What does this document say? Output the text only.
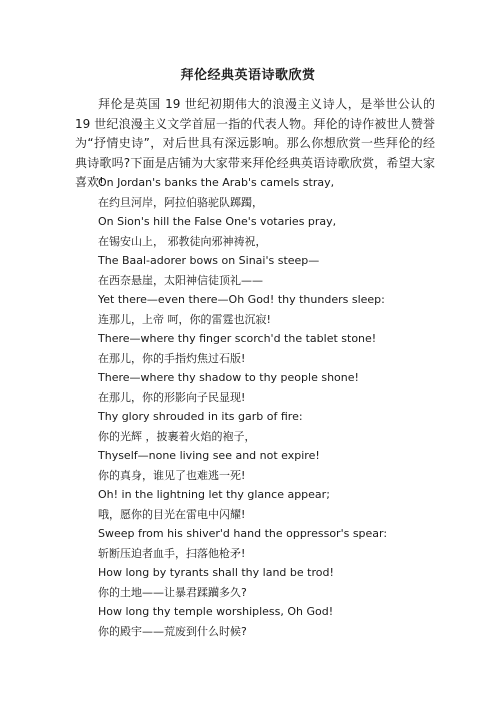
拜伦经典英语诗歌欣赏
拜伦是英国 19 世纪初期伟大的浪漫主义诗人，是举世公认的 19 世纪浪漫主义文学首屈一指的代表人物。拜伦的诗作被世人赞誉为“抒情史诗”，对后世具有深远影响。那么你想欣赏一些拜伦的经典诗歌吗?下面是店铺为大家带来拜伦经典英语诗歌欣赏，希望大家喜欢!
On Jordan's banks the Arab's camels stray,
在约旦河岸，阿拉伯骆驼队踯躅，
On Sion's hill the False One's votaries pray,
在锡安山上， 邪教徒向邪神祷祝，
The Baal-adorer bows on Sinai's steep—
在西奈悬崖，太阳神信徒顶礼——
Yet there—even there—Oh God! thy thunders sleep:
连那儿，上帝 呵，你的雷霆也沉寂!
There—where thy finger scorch'd the tablet stone!
在那儿，你的手指灼焦过石版!
There—where thy shadow to thy people shone!
在那儿，你的形影向子民显现!
Thy glory shrouded in its garb of fire:
你的光辉 ，披裹着火焰的袍子，
Thyself—none living see and not expire!
你的真身，谁见了也难逃一死!
Oh! in the lightning let thy glance appear;
哦，愿你的目光在雷电中闪耀!
Sweep from his shiver'd hand the oppressor's spear:
斩断压迫者血手，扫落他枪矛!
How long by tyrants shall thy land be trod!
你的土地——让暴君蹂躏多久?
How long thy temple worshipless, Oh God!
你的殿宇——荒废到什么时候?
